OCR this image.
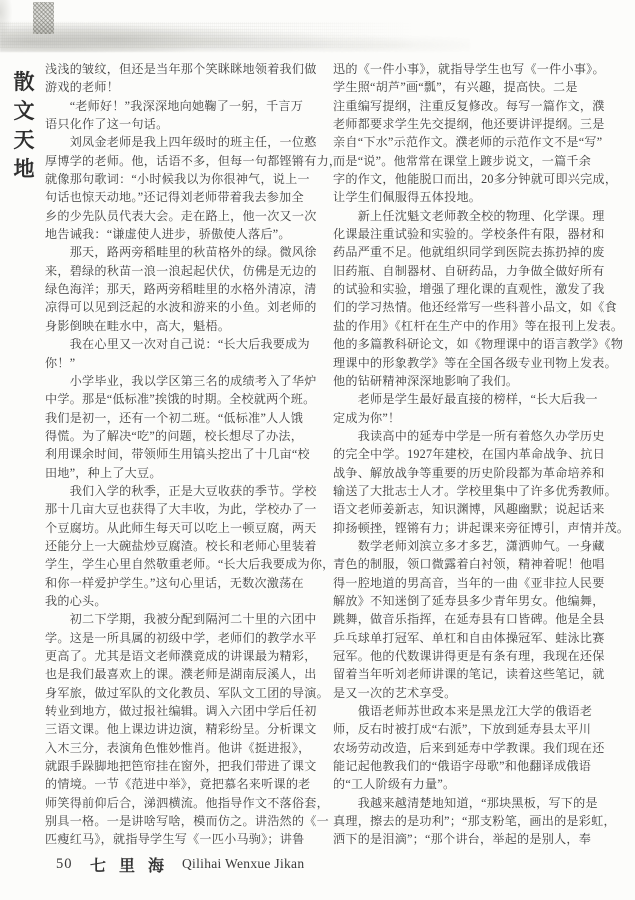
散
文
天
地
浅浅的皱纹，但还是当年那个笑眯眯地领着我们做
游戏的老师！
　　“老师好！”我深深地向她鞠了一躬，千言万
语只化作了这一句话。
　　刘凤金老师是我上四年级时的班主任，一位憨
厚博学的老师。他，话语不多，但每一句都铿锵有力，
就像那句歌词：“小时候我以为你很神气，说上一
句话也惊天动地。”还记得刘老师带着我去参加全
乡的少先队员代表大会。走在路上，他一次又一次
地告诫我：“谦虚使人进步，骄傲使人落后”。
　　那天，路两旁稻畦里的秋苗格外的绿。微风徐
来，碧绿的秋苗一浪一浪起起伏伏，仿佛是无边的
绿色海洋；那天，路两旁稻畦里的水格外清凉，清
凉得可以见到泛起的水波和游来的小鱼。刘老师的
身影倒映在畦水中，高大，魁梧。
　　我在心里又一次对自己说：“长大后我要成为
你！”
　　小学毕业，我以学区第三名的成绩考入了华炉
中学。那是“低标准”挨饿的时期。全校就两个班。
我们是初一，还有一个初二班。“低标准”人人饿
得慌。为了解决“吃”的问题，校长想尽了办法，
利用课余时间，带领师生用镐头挖出了十几亩“校
田地”，种上了大豆。
　　我们入学的秋季，正是大豆收获的季节。学校
那十几亩大豆也获得了大丰收，为此，学校办了一
个豆腐坊。从此师生每天可以吃上一顿豆腐，两天
还能分上一大碗盐炒豆腐渣。校长和老师心里装着
学生，学生心里自然敬重老师。“长大后我要成为你，
和你一样爱护学生。”这句心里话，无数次激荡在
我的心头。
　　初二下学期，我被分配到隔河二十里的六团中
学。这是一所具属的初级中学，老师们的教学水平
更高了。尤其是语文老师濮竟成的讲课最为精彩，
也是我们最喜欢上的课。濮老师是湖南辰溪人，出
身军旅，做过军队的文化教员、军队文工团的导演。
转业到地方，做过报社编辑。调入六团中学后任初
三语文课。他上课边讲边演，精彩纷呈。分析课文
入木三分，表演角色惟妙惟肖。他讲《挺进报》，
就跟手跺脚地把笆帘挂在窗外，把我们带进了课文
的情境。一节《范进中举》，竟把慕名来听课的老
师笑得前仰后合，涕泗横流。他指导作文不落俗套，
别具一格。一是讲啥写啥，模而仿之。讲浩然的《一
匹瘦红马》，就指导学生写《一匹小马驹》；讲鲁
迅的《一件小事》，就指导学生也写《一件小事》。
学生照“胡芦”画“瓢”，有兴趣，提高快。二是
注重编写提纲，注重反复修改。每写一篇作文，濮
老师都要求学生先交提纲，他还要讲评提纲。三是
亲自“下水”示范作文。濮老师的示范作文不是“写”
而是“说”。他常常在课堂上踱步说文，一篇千余
字的作文，他能脱口而出，20多分钟就可即兴完成，
让学生们佩服得五体投地。
　　新上任沈魁文老师教全校的物理、化学课。理
化课最注重试验和实验的。学校条件有限，器材和
药品严重不足。他就组织同学到医院去拣扔掉的废
旧药瓶、自制器材、自研药品，力争做全做好所有
的试验和实验，增强了理化课的直观性，激发了我
们的学习热情。他还经常写一些科普小品文，如《食
盐的作用》《杠杆在生产中的作用》等在报刊上发表。
他的多篇教科研论文，如《物理课中的语言教学》《物
理课中的形象教学》等在全国各级专业刊物上发表。
他的钻研精神深深地影响了我们。
　　老师是学生最好最直接的榜样，“长大后我一
定成为你”！
　　我读高中的延寿中学是一所有着悠久办学历史
的完全中学。1927年建校，在国内革命战争、抗日
战争、解放战争等重要的历史阶段都为革命培养和
输送了大批志士人才。学校里集中了许多优秀教师。
语文老师姜新志，知识渊博，风趣幽默；说起话来
抑扬顿挫，铿锵有力；讲起课来旁征博引，声情并茂。
　　数学老师刘滨立多才多艺，潇洒帅气。一身藏
青色的制服，领口微露着白衬领，精神着呢！他唱
得一腔地道的男高音，当年的一曲《亚非拉人民要
解放》不知迷倒了延寿县多少青年男女。他编舞，
跳舞，做音乐指挥，在延寿县有口皆碑。他是全县
乒乓球单打冠军、单杠和自由体操冠军、蛙泳比赛
冠军。他的代数课讲得更是有条有理，我现在还保
留着当年听刘老师讲课的笔记，读着这些笔记，就
是又一次的艺术享受。
　　俄语老师苏世政本来是黑龙江大学的俄语老
师，反右时被打成“右派”，下放到延寿县太平川
农场劳动改造，后来到延寿中学教课。我们现在还
能记起他教我们的“俄语字母歌”和他翻译成俄语
的“工人阶级有力量”。
　　我越来越清楚地知道，“那块黑板，写下的是
真理，擦去的是功利”；“那支粉笔，画出的是彩虹，
洒下的是泪滴”；“那个讲台，举起的是别人，奉
50 七里海 Qilihai Wenxue Jikan
